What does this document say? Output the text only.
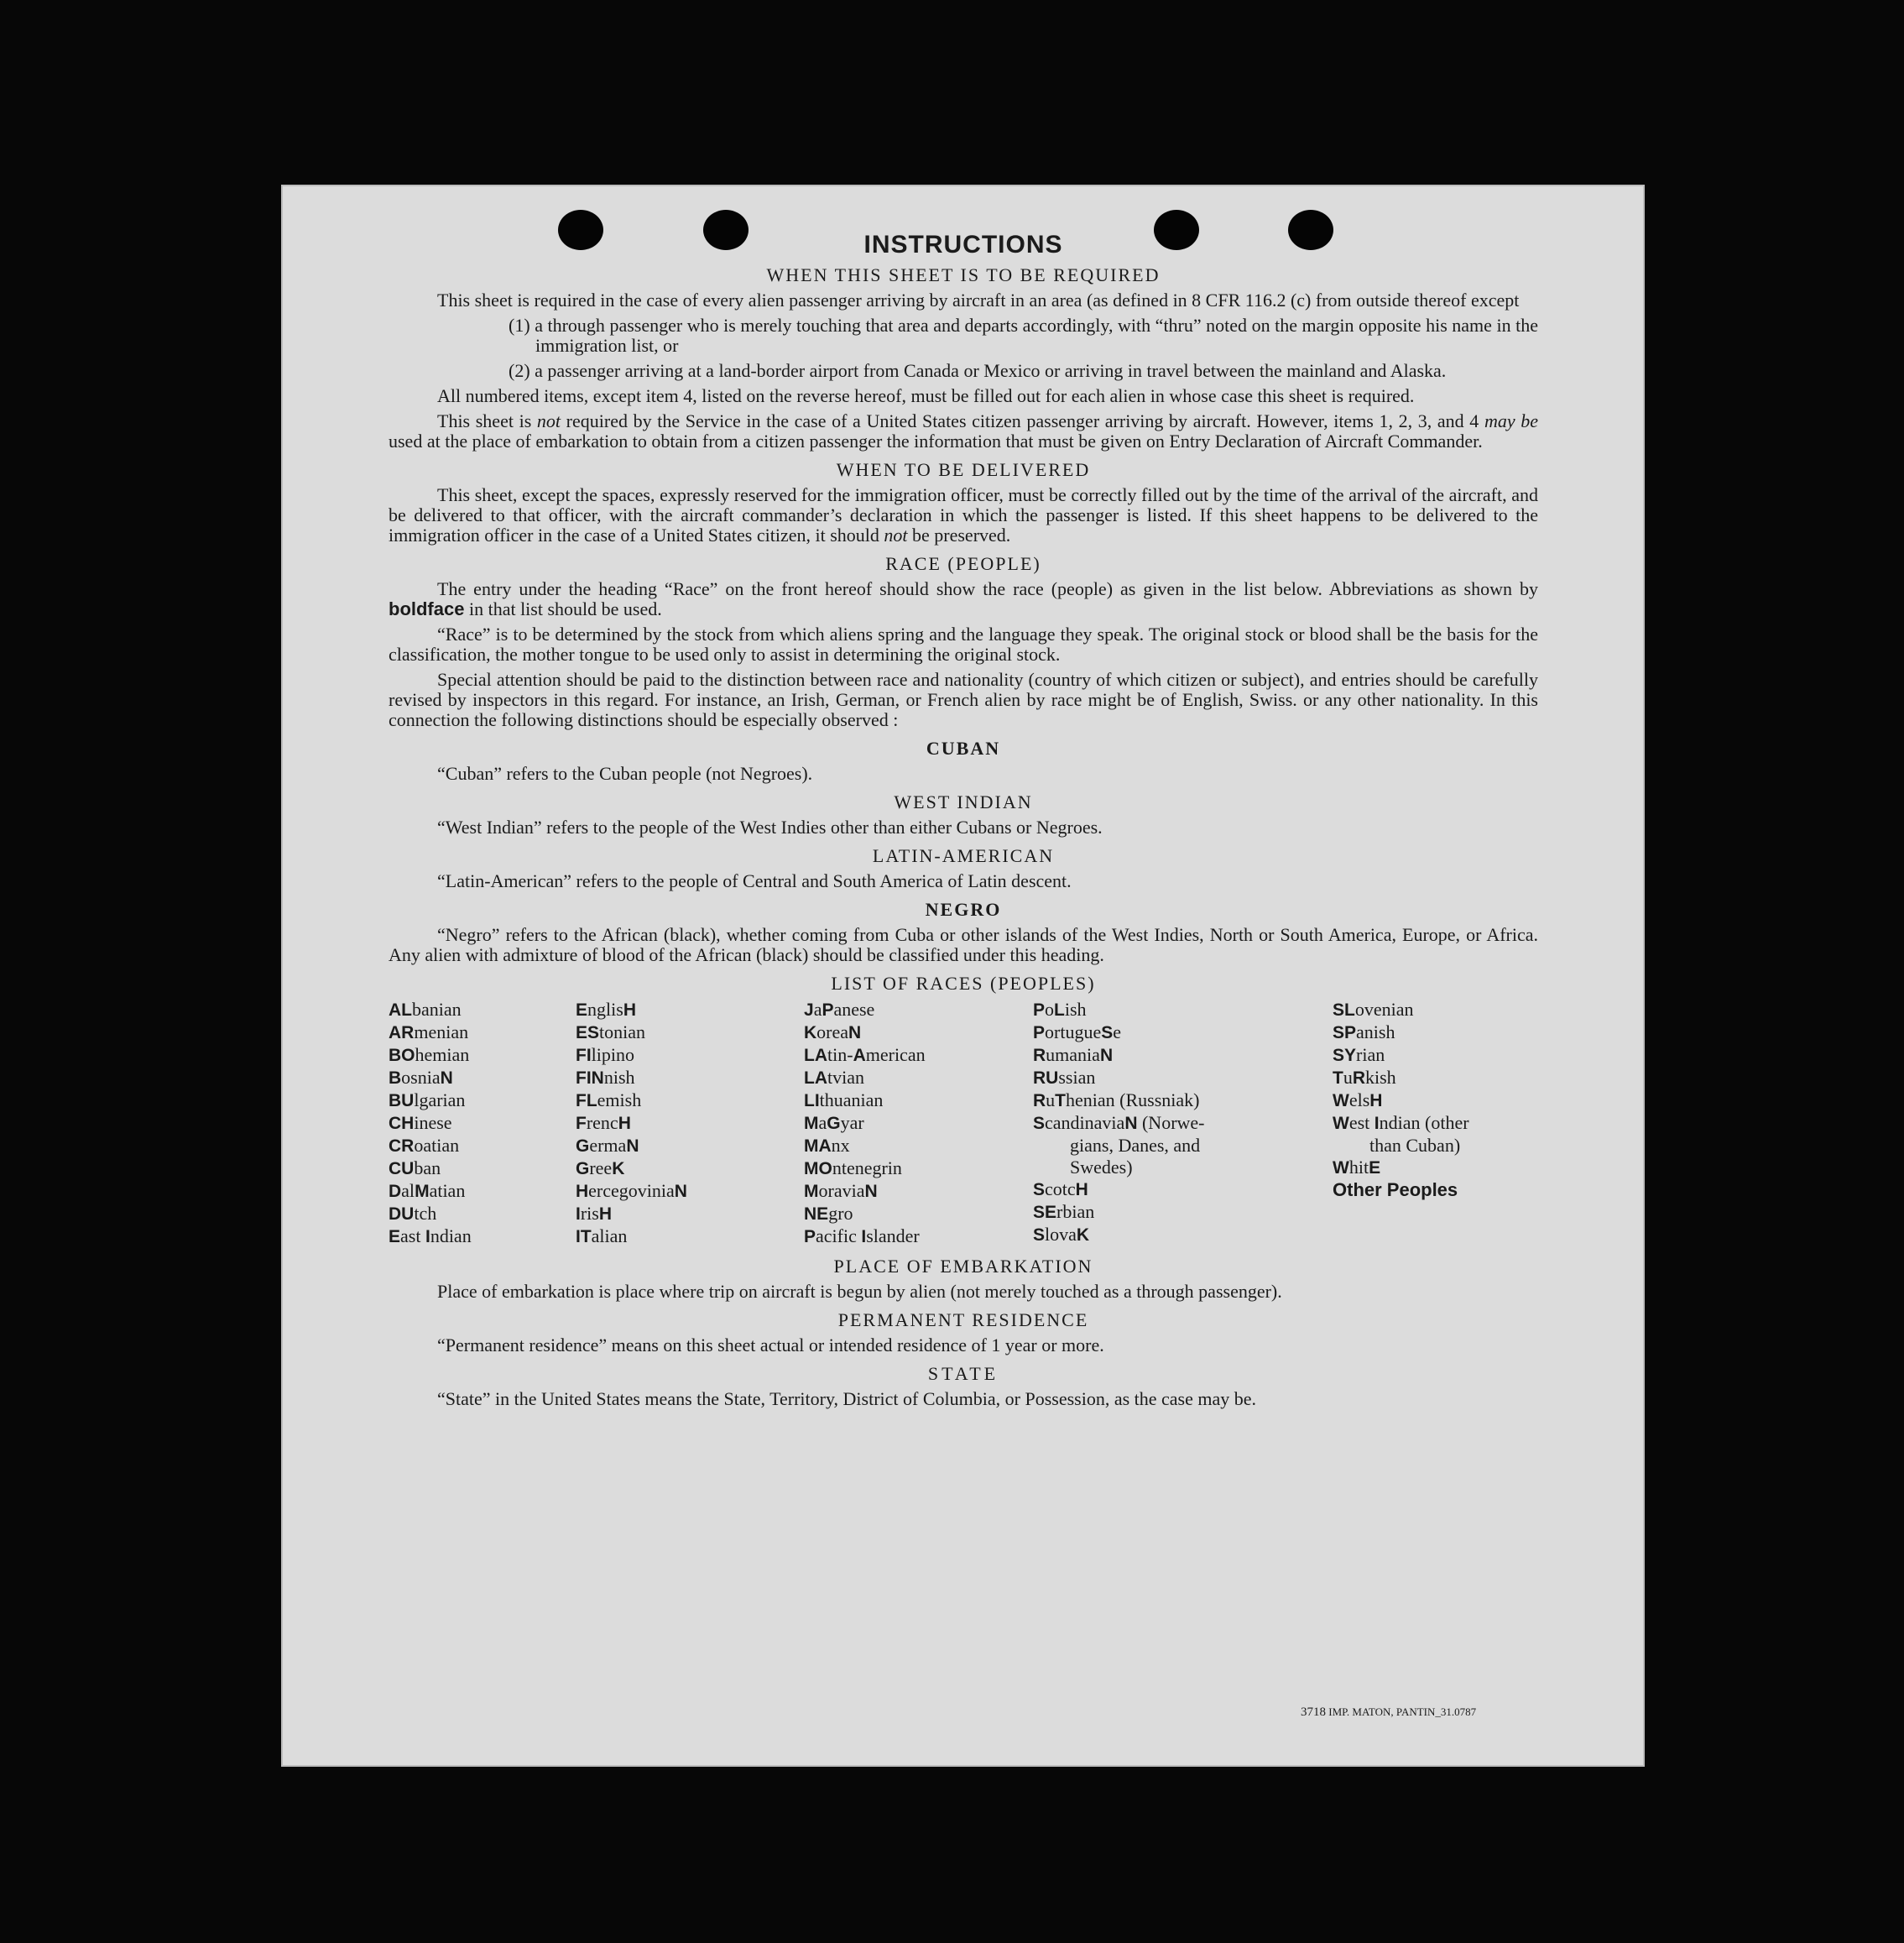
INSTRUCTIONS
WHEN THIS SHEET IS TO BE REQUIRED

This sheet is required in the case of every alien passenger arriving by aircraft in an area (as defined in 8 CFR 116.2 (c) from outside thereof except

(1) a through passenger who is merely touching that area and departs accordingly, with “thru” noted on the margin opposite his name in the immigration list, or
(2) a passenger arriving at a land-border airport from Canada or Mexico or arriving in travel between the mainland and Alaska.

All numbered items, except item 4, listed on the reverse hereof, must be filled out for each alien in whose case this sheet is required.

This sheet is not required by the Service in the case of a United States citizen passenger arriving by aircraft. However, items 1, 2, 3, and 4 may be used at the place of embarkation to obtain from a citizen passenger the information that must be given on Entry Declaration of Aircraft Commander.

WHEN TO BE DELIVERED

This sheet, except the spaces, expressly reserved for the immigration officer, must be correctly filled out by the time of the arrival of the aircraft, and be delivered to that officer, with the aircraft commander’s declaration in which the passenger is listed. If this sheet happens to be delivered to the immigration officer in the case of a United States citizen, it should not be preserved.

RACE (PEOPLE)

The entry under the heading “Race” on the front hereof should show the race (people) as given in the list below. Abbreviations as shown by boldface in that list should be used.

“Race” is to be determined by the stock from which aliens spring and the language they speak. The original stock or blood shall be the basis for the classification, the mother tongue to be used only to assist in determining the original stock.

Special attention should be paid to the distinction between race and nationality (country of which citizen or subject), and entries should be carefully revised by inspectors in this regard. For instance, an Irish, German, or French alien by race might be of English, Swiss. or any other nationality. In this connection the following distinctions should be especially observed :

CUBAN

“Cuban” refers to the Cuban people (not Negroes).

WEST INDIAN

“West Indian” refers to the people of the West Indies other than either Cubans or Negroes.

LATIN-AMERICAN

“Latin-American” refers to the people of Central and South America of Latin descent.

NEGRO

“Negro” refers to the African (black), whether coming from Cuba or other islands of the West Indies, North or South America, Europe, or Africa. Any alien with admixture of blood of the African (black) should be classified under this heading.

LIST OF RACES (PEOPLES)
ALbanian
ARmenian
BOhemian
BosniaN
BUlgarian
CHinese
CRoatian
CUban
DalMatian
DUtch
East Indian
EnglisH
EStonian
FIlipino
FINnish
FLemish
FrencH
GermaN
GreeK
HercegoviniaN
IrisH
ITalian
JaPanese
KoreaN
LAtin-American
LAtvian
LIthuanian
MaGyar
MAnx
MOntenegrin
MoraviaN
NEgro
Pacific Islander
PoLish
PortugueSe
RumaniaN
RUssian
RuThenian (Russniak)
ScandinaviaN (Norwe-
gians, Danes, and
Swedes)
ScotcH
SErbian
SlovaK
SLovenian
SPanish
SYrian
TuRkish
WelsH
West Indian (other
than Cuban)
WhitE
Other Peoples
PLACE OF EMBARKATION

Place of embarkation is place where trip on aircraft is begun by alien (not merely touched as a through passenger).

PERMANENT RESIDENCE

“Permanent residence” means on this sheet actual or intended residence of 1 year or more.

STATE

“State” in the United States means the State, Territory, District of Columbia, or Possession, as the case may be.

3718 IMP. MATON, PANTIN_31.0787
